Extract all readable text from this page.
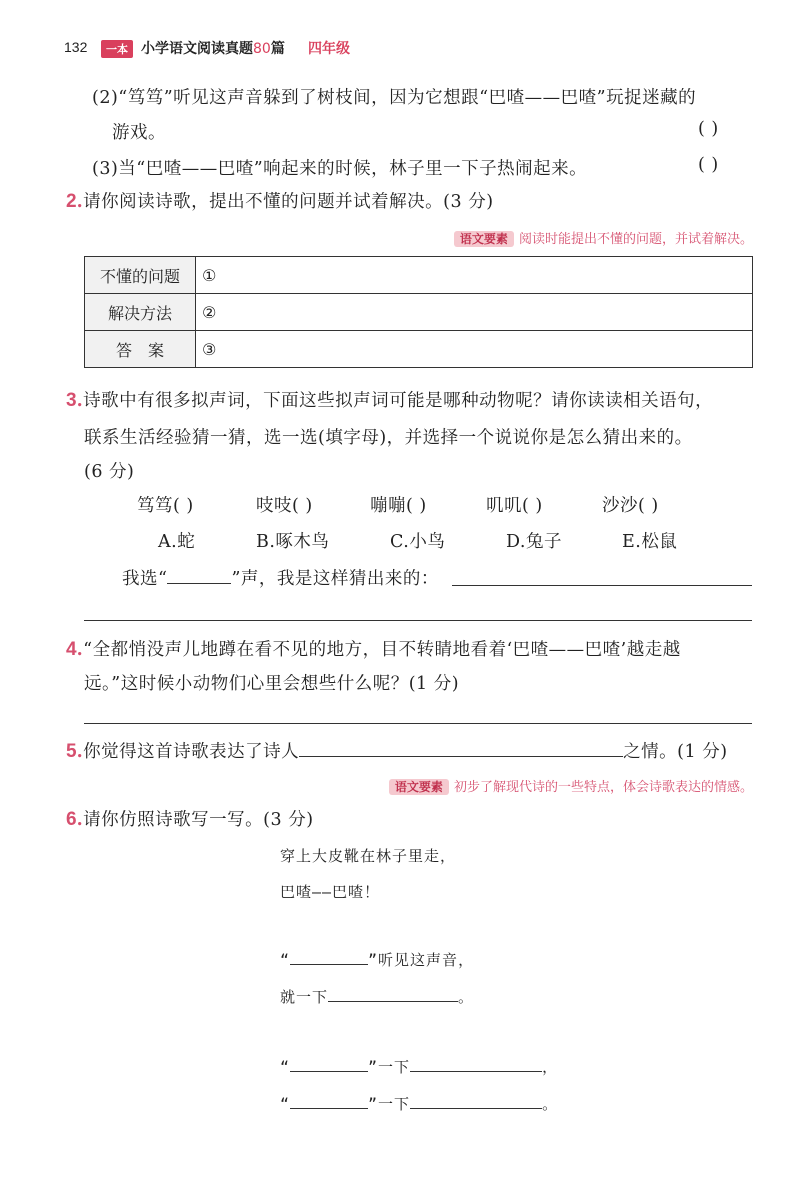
132	一本 小学语文阅读真题80篇 四年级
(2)“笃笃”听见这声音躲到了树枝间，因为它想跟“巴喳——巴喳”玩捉迷藏的
游戏。	( )
(3)当“巴喳——巴喳”响起来的时候，林子里一下子热闹起来。	( )
2.请你阅读诗歌，提出不懂的问题并试着解决。(3 分)
语文要素 阅读时能提出不懂的问题，并试着解决。
不懂的问题	①
解决方法	②
答　案	③
3.诗歌中有很多拟声词，下面这些拟声词可能是哪种动物呢？请你读读相关语句，
联系生活经验猜一猜，选一选(填字母)，并选择一个说说你是怎么猜出来的。
(6 分)
笃笃( )	吱吱( )	嘣嘣( )	叽叽( )	沙沙( )
A.蛇	B.啄木鸟	C.小鸟	D.兔子	E.松鼠
我选“	”声，我是这样猜出来的：
4.“全都悄没声儿地蹲在看不见的地方，目不转睛地看着‘巴喳——巴喳’越走越
远。”这时候小动物们心里会想些什么呢？(1 分)
5.你觉得这首诗歌表达了诗人	之情。(1 分)
语文要素 初步了解现代诗的一些特点，体会诗歌表达的情感。
6.请你仿照诗歌写一写。(3 分)
穿上大皮靴在林子里走，
巴喳——巴喳！
“	”听见这声音，
就一下	。
“	”一下	，
“	”一下	。
